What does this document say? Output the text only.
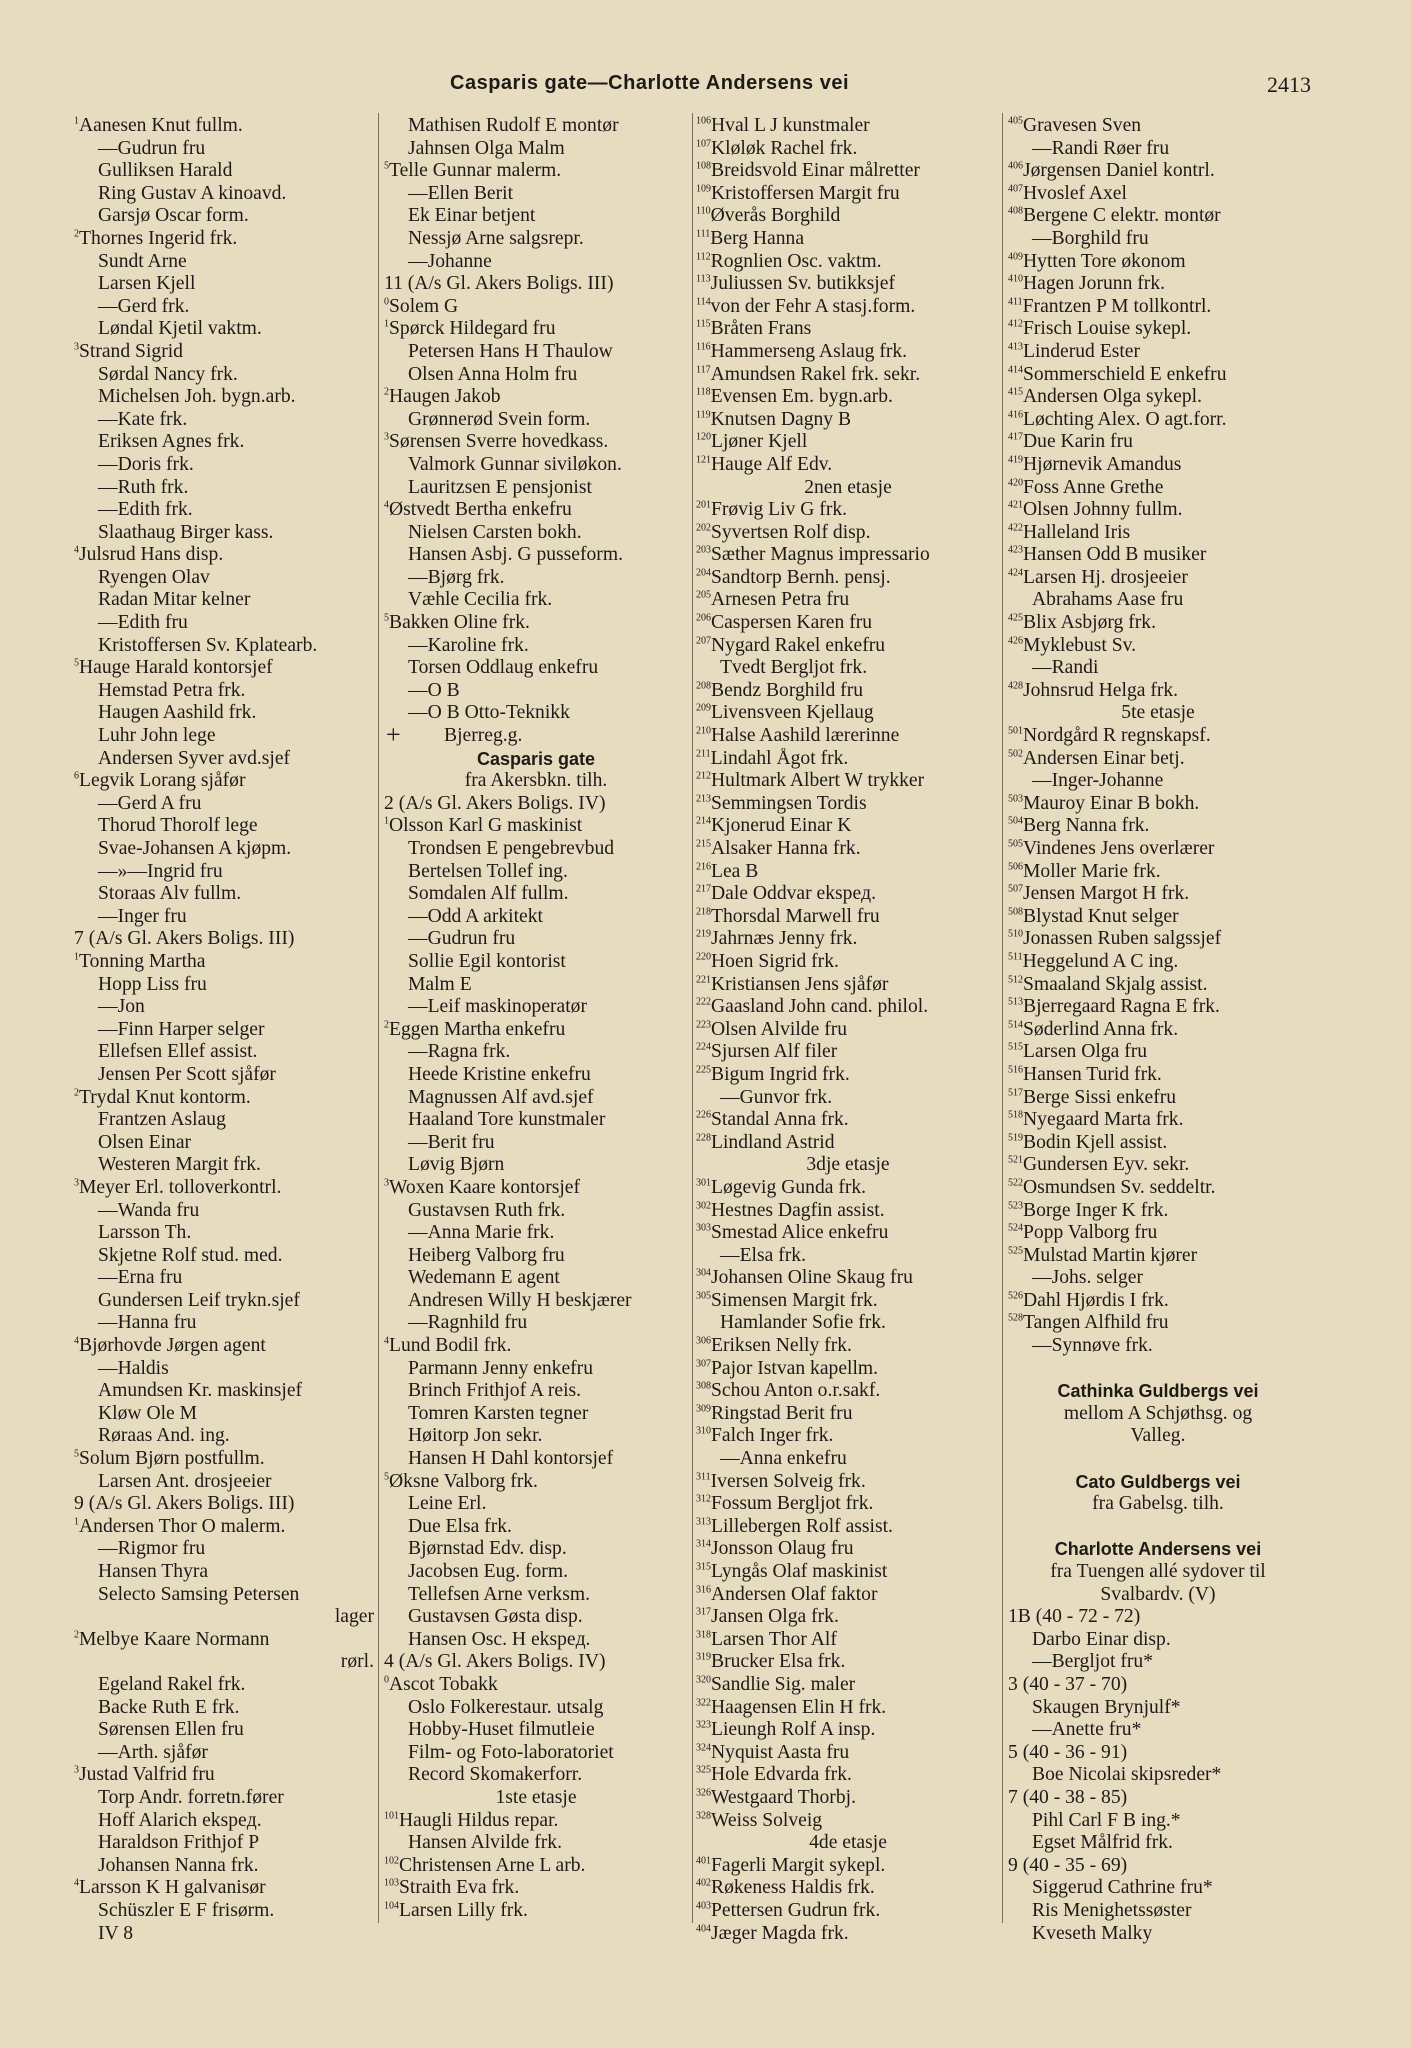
Casparis gate—Charlotte Andersens vei	2413
+
$^1$Aanesen Knut fullm.
—Gudrun fru
Gulliksen Harald
Ring Gustav A kinoavd.
Garsjø Oscar form.
$^2$Thornes Ingerid frk.
Sundt Arne
Larsen Kjell
—Gerd frk.
Løndal Kjetil vaktm.
$^3$Strand Sigrid
Sørdal Nancy frk.
Michelsen Joh. bygn.arb.
—Kate frk.
Eriksen Agnes frk.
—Doris frk.
—Ruth frk.
—Edith frk.
Slaathaug Birger kass.
$^4$Julsrud Hans disp.
Ryengen Olav
Radan Mitar kelner
—Edith fru
Kristoffersen Sv. Kplatearb.
$^5$Hauge Harald kontorsjef
Hemstad Petra frk.
Haugen Aashild frk.
Luhr John lege
Andersen Syver avd.sjef
$^6$Legvik Lorang sjåfør
—Gerd A fru
Thorud Thorolf lege
Svae-Johansen A kjøpm.
—»—Ingrid fru
Storaas Alv fullm.
—Inger fru
7 (A/s Gl. Akers Boligs. III)
$^1$Tonning Martha
Hopp Liss fru
—Jon
—Finn Harper selger
Ellefsen Ellef assist.
Jensen Per Scott sjåfør
$^2$Trydal Knut kontorm.
Frantzen Aslaug
Olsen Einar
Westeren Margit frk.
$^3$Meyer Erl. tolloverkontrl.
—Wanda fru
Larsson Th.
Skjetne Rolf stud. med.
—Erna fru
Gundersen Leif trykn.sjef
—Hanna fru
$^4$Bjørhovde Jørgen agent
—Haldis
Amundsen Kr. maskinsjef
Kløw Ole M
Røraas And. ing.
$^5$Solum Bjørn postfullm.
Larsen Ant. drosjeeier
9 (A/s Gl. Akers Boligs. III)
$^1$Andersen Thor O malerm.
—Rigmor fru
Hansen Thyra
Selecto Samsing Petersen
lager
$^2$Melbye Kaare Normann
rørl.
Egeland Rakel frk.
Backe Ruth E frk.
Sørensen Ellen fru
—Arth. sjåfør
$^3$Justad Valfrid fru
Torp Andr. forretn.fører
Hoff Alarich ekspeд.
Haraldson Frithjof P
Johansen Nanna frk.
$^4$Larsson K H galvanisør
Schüszler E F frisørm.
IV 8
Mathisen Rudolf E montør
Jahnsen Olga Malm
$^5$Telle Gunnar malerm.
—Ellen Berit
Ek Einar betjent
Nessjø Arne salgsrepr.
—Johanne
11 (A/s Gl. Akers Boligs. III)
$^0$Solem G
$^1$Spørck Hildegard fru
Petersen Hans H Thaulow
Olsen Anna Holm fru
$^2$Haugen Jakob
Grønnerød Svein form.
$^3$Sørensen Sverre hovedkass.
Valmork Gunnar siviløkon.
Lauritzsen E pensjonist
$^4$Østvedt Bertha enkefru
Nielsen Carsten bokh.
Hansen Asbj. G pusseform.
—Bjørg frk.
Væhle Cecilia frk.
$^5$Bakken Oline frk.
—Karoline frk.
Torsen Oddlaug enkefru
—O B
—O B Otto-Teknikk
Bjerreg.g.
Casparis gate
fra Akersbkn. tilh.
2 (A/s Gl. Akers Boligs. IV)
$^1$Olsson Karl G maskinist
Trondsen E pengebrevbud
Bertelsen Tollef ing.
Somdalen Alf fullm.
—Odd A arkitekt
—Gudrun fru
Sollie Egil kontorist
Malm E
—Leif maskinoperatør
$^2$Eggen Martha enkefru
—Ragna frk.
Heede Kristine enkefru
Magnussen Alf avd.sjef
Haaland Tore kunstmaler
—Berit fru
Løvig Bjørn
$^3$Woxen Kaare kontorsjef
Gustavsen Ruth frk.
—Anna Marie frk.
Heiberg Valborg fru
Wedemann E agent
Andresen Willy H beskjærer
—Ragnhild fru
$^4$Lund Bodil frk.
Parmann Jenny enkefru
Brinch Frithjof A reis.
Tomren Karsten tegner
Høitorp Jon sekr.
Hansen H Dahl kontorsjef
$^5$Øksne Valborg frk.
Leine Erl.
Due Elsa frk.
Bjørnstad Edv. disp.
Jacobsen Eug. form.
Tellefsen Arne verksm.
Gustavsen Gøsta disp.
Hansen Osc. H ekspeд.
4 (A/s Gl. Akers Boligs. IV)
$^0$Ascot Tobakk
Oslo Folkerestaur. utsalg
Hobby-Huset filmutleie
Film- og Foto-laboratoriet
Record Skomakerforr.
1ste etasje
$^{101}$Haugli Hildus repar.
Hansen Alvilde frk.
$^{102}$Christensen Arne L arb.
$^{103}$Straith Eva frk.
$^{104}$Larsen Lilly frk.
$^{106}$Hval L J kunstmaler
$^{107}$Kløløk Rachel frk.
$^{108}$Breidsvold Einar målretter
$^{109}$Kristoffersen Margit fru
$^{110}$Øverås Borghild
$^{111}$Berg Hanna
$^{112}$Rognlien Osc. vaktm.
$^{113}$Juliussen Sv. butikksjef
$^{114}$von der Fehr A stasj.form.
$^{115}$Bråten Frans
$^{116}$Hammerseng Aslaug frk.
$^{117}$Amundsen Rakel frk. sekr.
$^{118}$Evensen Em. bygn.arb.
$^{119}$Knutsen Dagny B
$^{120}$Ljøner Kjell
$^{121}$Hauge Alf Edv.
2nen etasje
$^{201}$Frøvig Liv G frk.
$^{202}$Syvertsen Rolf disp.
$^{203}$Sæther Magnus impressario
$^{204}$Sandtorp Bernh. pensj.
$^{205}$Arnesen Petra fru
$^{206}$Caspersen Karen fru
$^{207}$Nygard Rakel enkefru
Tvedt Bergljot frk.
$^{208}$Bendz Borghild fru
$^{209}$Livensveen Kjellaug
$^{210}$Halse Aashild lærerinne
$^{211}$Lindahl Ågot frk.
$^{212}$Hultmark Albert W trykker
$^{213}$Semmingsen Tordis
$^{214}$Kjonerud Einar K
$^{215}$Alsaker Hanna frk.
$^{216}$Lea B
$^{217}$Dale Oddvar ekspeд.
$^{218}$Thorsdal Marwell fru
$^{219}$Jahrnæs Jenny frk.
$^{220}$Hoen Sigrid frk.
$^{221}$Kristiansen Jens sjåfør
$^{222}$Gaasland John cand. philol.
$^{223}$Olsen Alvilde fru
$^{224}$Sjursen Alf filer
$^{225}$Bigum Ingrid frk.
—Gunvor frk.
$^{226}$Standal Anna frk.
$^{228}$Lindland Astrid
3dje etasje
$^{301}$Løgevig Gunda frk.
$^{302}$Hestnes Dagfin assist.
$^{303}$Smestad Alice enkefru
—Elsa frk.
$^{304}$Johansen Oline Skaug fru
$^{305}$Simensen Margit frk.
Hamlander Sofie frk.
$^{306}$Eriksen Nelly frk.
$^{307}$Pajor Istvan kapellm.
$^{308}$Schou Anton o.r.sakf.
$^{309}$Ringstad Berit fru
$^{310}$Falch Inger frk.
—Anna enkefru
$^{311}$Iversen Solveig frk.
$^{312}$Fossum Bergljot frk.
$^{313}$Lillebergen Rolf assist.
$^{314}$Jonsson Olaug fru
$^{315}$Lyngås Olaf maskinist
$^{316}$Andersen Olaf faktor
$^{317}$Jansen Olga frk.
$^{318}$Larsen Thor Alf
$^{319}$Brucker Elsa frk.
$^{320}$Sandlie Sig. maler
$^{322}$Haagensen Elin H frk.
$^{323}$Lieungh Rolf A insp.
$^{324}$Nyquist Aasta fru
$^{325}$Hole Edvarda frk.
$^{326}$Westgaard Thorbj.
$^{328}$Weiss Solveig
4de etasje
$^{401}$Fagerli Margit sykepl.
$^{402}$Røkeness Haldis frk.
$^{403}$Pettersen Gudrun frk.
$^{404}$Jæger Magda frk.
$^{405}$Gravesen Sven
—Randi Røer fru
$^{406}$Jørgensen Daniel kontrl.
$^{407}$Hvoslef Axel
$^{408}$Bergene C elektr. montør
—Borghild fru
$^{409}$Hytten Tore økonom
$^{410}$Hagen Jorunn frk.
$^{411}$Frantzen P M tollkontrl.
$^{412}$Frisch Louise sykepl.
$^{413}$Linderud Ester
$^{414}$Sommerschield E enkefru
$^{415}$Andersen Olga sykepl.
$^{416}$Løchting Alex. O agt.forr.
$^{417}$Due Karin fru
$^{419}$Hjørnevik Amandus
$^{420}$Foss Anne Grethe
$^{421}$Olsen Johnny fullm.
$^{422}$Halleland Iris
$^{423}$Hansen Odd B musiker
$^{424}$Larsen Hj. drosjeeier
Abrahams Aase fru
$^{425}$Blix Asbjørg frk.
$^{426}$Myklebust Sv.
—Randi
$^{428}$Johnsrud Helga frk.
5te etasje
$^{501}$Nordgård R regnskapsf.
$^{502}$Andersen Einar betj.
—Inger-Johanne
$^{503}$Mauroy Einar B bokh.
$^{504}$Berg Nanna frk.
$^{505}$Vindenes Jens overlærer
$^{506}$Moller Marie frk.
$^{507}$Jensen Margot H frk.
$^{508}$Blystad Knut selger
$^{510}$Jonassen Ruben salgssjef
$^{511}$Heggelund A C ing.
$^{512}$Smaaland Skjalg assist.
$^{513}$Bjerregaard Ragna E frk.
$^{514}$Søderlind Anna frk.
$^{515}$Larsen Olga fru
$^{516}$Hansen Turid frk.
$^{517}$Berge Sissi enkefru
$^{518}$Nyegaard Marta frk.
$^{519}$Bodin Kjell assist.
$^{521}$Gundersen Eyv. sekr.
$^{522}$Osmundsen Sv. seddeltr.
$^{523}$Borge Inger K frk.
$^{524}$Popp Valborg fru
$^{525}$Mulstad Martin kjører
—Johs. selger
$^{526}$Dahl Hjørdis I frk.
$^{528}$Tangen Alfhild fru
—Synnøve frk.
Cathinka Guldbergs vei
mellom A Schjøthsg. og
Valleg.
Cato Guldbergs vei
fra Gabelsg. tilh.
Charlotte Andersens vei
fra Tuengen allé sydover til
Svalbardv. (V)
1B (40 - 72 - 72)
Darbo Einar disp.
—Bergljot fru*
3 (40 - 37 - 70)
Skaugen Brynjulf*
—Anette fru*
5 (40 - 36 - 91)
Boe Nicolai skipsreder*
7 (40 - 38 - 85)
Pihl Carl F B ing.*
Egset Målfrid frk.
9 (40 - 35 - 69)
Siggerud Cathrine fru*
Ris Menighetssøster
Kveseth Malky
